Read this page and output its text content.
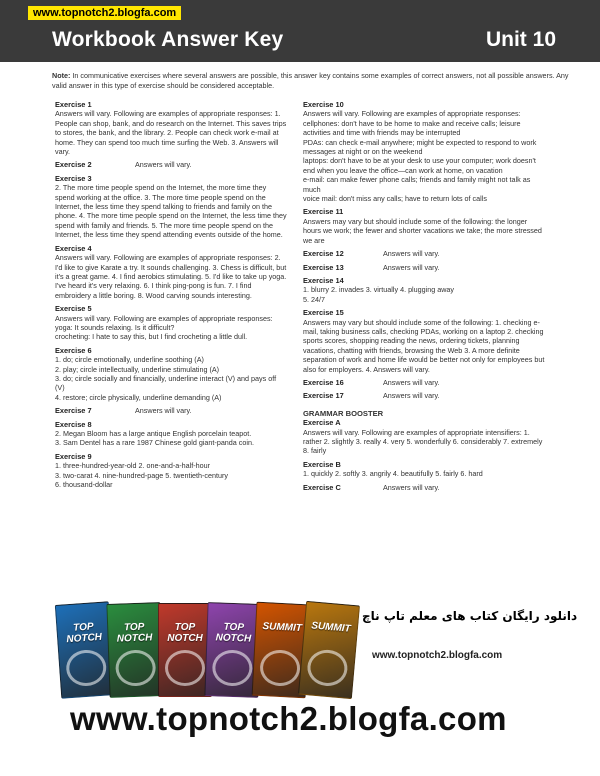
www.topnotch2.blogfa.com
Workbook Answer Key	Unit 10
Note: In communicative exercises where several answers are possible, this answer key contains some examples of correct answers, not all possible answers. Any valid answer in this type of exercise should be considered acceptable.
Exercise 1

Answers will vary. Following are examples of appropriate responses: 1. People can shop, bank, and do research on the Internet. This saves trips to stores, the bank, and the library. 2. People can check work e-mail at home. They can spend too much time surfing the Web. 3. Answers will vary.

Exercise 2	Answers will vary.
Exercise 3

2. The more time people spend on the Internet, the more time they spend working at the office. 3. The more time people spend on the Internet, the less time they spend talking to friends and family on the phone. 4. The more time people spend on the Internet, the less time they spend with family and friends. 5. The more time people spend on the Internet, the less time they spend attending events outside of the home.

Exercise 4

Answers will vary. Following are examples of appropriate responses: 2. I'd like to give Karate a try. It sounds challenging. 3. Chess is difficult, but it's a great game. 4. I find aerobics stimulating. 5. I'd like to take up yoga. I've heard it's very relaxing. 6. I think ping-pong is fun. 7. I find embroidery a little boring. 8. Wood carving sounds interesting.

Exercise 5

Answers will vary. Following are examples of appropriate responses:

yoga: It sounds relaxing. Is it difficult?

crocheting: I hate to say this, but I find crocheting a little dull.

Exercise 6

1. do; circle emotionally, underline soothing (A)

2. play; circle intellectually, underline stimulating (A)

3. do; circle socially and financially, underline interact (V) and pays off (V)

4. restore; circle physically, underline demanding (A)

Exercise 7	Answers will vary.
Exercise 8

2. Megan Bloom has a large antique English porcelain teapot.

3. Sam Dentel has a rare 1987 Chinese gold giant-panda coin.

Exercise 9

1. three-hundred-year-old 2. one-and-a-half-hour

3. two-carat 4. nine-hundred-page 5. twentieth-century

6. thousand-dollar

Exercise 10

Answers will vary. Following are examples of appropriate responses:

cellphones: don't have to be home to make and receive calls; leisure activities and time with friends may be interrupted

PDAs: can check e-mail anywhere; might be expected to respond to work messages at night or on the weekend

laptops: don't have to be at your desk to use your computer; work doesn't end when you leave the office—can work at home, on vacation

e-mail: can make fewer phone calls; friends and family might not talk as much

voice mail: don't miss any calls; have to return lots of calls

Exercise 11

Answers may vary but should include some of the following: the longer hours we work; the fewer and shorter vacations we take; the more stressed we are

Exercise 12	Answers will vary.
Exercise 13	Answers will vary.
Exercise 14

1. blurry 2. invades 3. virtually 4. plugging away

5. 24/7

Exercise 15

Answers may vary but should include some of the following: 1. checking e-mail, taking business calls, checking PDAs, working on a laptop 2. checking sports scores, shopping reading the news, ordering tickets, planning vacations, chatting with friends, browsing the Web 3. A more definite separation of work and home life would be better not only for employees but also for employers. 4. Answers will vary.

Exercise 16	Answers will vary.
Exercise 17	Answers will vary.
GRAMMAR BOOSTER
Exercise A

Answers will vary. Following are examples of appropriate intensifiers: 1. rather 2. slightly 3. really 4. very 5. wonderfully 6. considerably 7. extremely 8. fairly

Exercise B

1. quickly 2. softly 3. angrily 4. beautifully 5. fairly 6. hard

Exercise C	Answers will vary.
TOP NOTCH
TOP NOTCH
TOP NOTCH
TOP NOTCH
SUMMIT SUMMIT
دانلود رایگان کتاب های معلم تاپ ناچ
www.topnotch2.blogfa.com
www.topnotch2.blogfa.com
